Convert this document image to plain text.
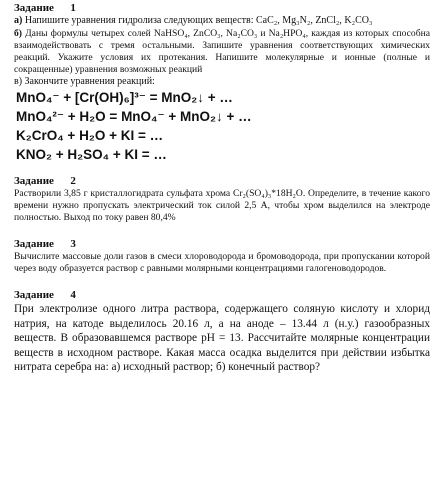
Задание      1

а) Напишите уравнения гидролиза следующих веществ: CaC₂, Mg₃N₂, ZnCl₂, K₂CO₃

б) Даны формулы четырех солей NaHSO₄, ZnCO₃, Na₂CO₃ и Na₂HPO₄, каждая из которых способна взаимодействовать с тремя остальными. Запишите уравнения соответствующих химических реакций. Укажите условия их протекания. Напишите молекулярные и ионные (полные и сокращенные) уравнения возможных реакций

в) Закончите уравнения реакций:

MnO₄⁻ + [Cr(OH)₆]³⁻ = MnO₂↓ + …

MnO₄²⁻ + H₂O = MnO₄⁻ + MnO₂↓ + …

K₂CrO₄ + H₂O + KI = …

KNO₂ + H₂SO₄ + KI = …

Задание      2

Растворили 3,85 г кристаллогидрата сульфата хрома Cr₂(SO₄)₃*18H₂O. Определите, в течение какого времени нужно пропускать электрический ток силой 2,5 А, чтобы хром выделился на электроде полностью. Выход по току равен 80,4%

Задание      3

Вычислите массовые доли газов в смеси хлороводорода и бромоводорода, при пропускании которой через воду образуется раствор с равными молярными концентрациями галогеноводородов.

Задание      4

При электролизе одного литра раствора, содержащего соляную кислоту и хлорид натрия, на катоде выделилось 20.16 л, а на аноде – 13.44 л (н.у.) газообразных веществ. В образовавшемся растворе pH = 13. Рассчитайте молярные концентрации веществ в исходном растворе. Какая масса осадка выделится при действии избытка нитрата серебра на: а) исходный раствор; б) конечный раствор?
